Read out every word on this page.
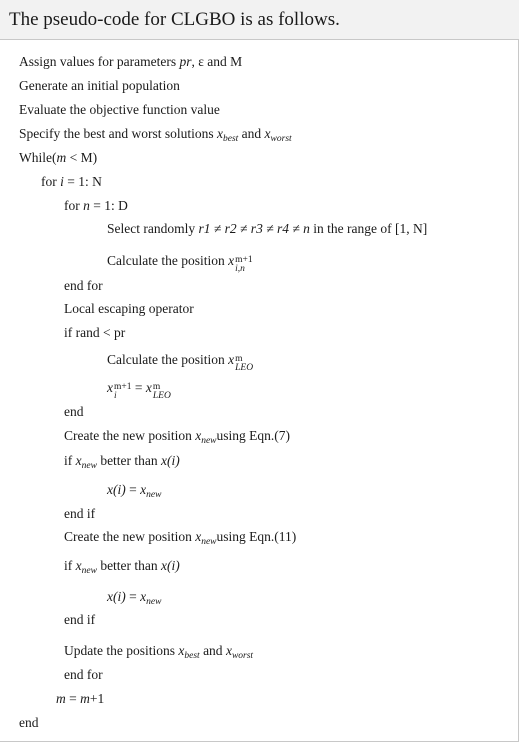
The pseudo-code for CLGBO is as follows.
Assign values for parameters pr, ε and M
Generate an initial population
Evaluate the objective function value
Specify the best and worst solutions $x_{best}$ and $x_{worst}$
While(m < M)
for i = 1: N
for n = 1: D
Select randomly r1 ≠ r2 ≠ r3 ≠ r4 ≠ n in the range of [1, N]
Calculate the position x m+1
i,n
end for
Local escaping operator
if rand < pr
Calculate the position x m
LEO
x m+1
i
= x m
LEO
end
Create the new position $x_{new}using$ Eqn.(7)
if $x_{new}$ better than x(i)
$x(i) = x_{new}$
end if
Create the new position $x_{new}using$ Eqn.(11)
if $x_{new}$ better than x(i)
$x(i) = x_{new}$
end if
Update the positions $x_{best}$ and $x_{worst}$
end for
m = m+1
end
